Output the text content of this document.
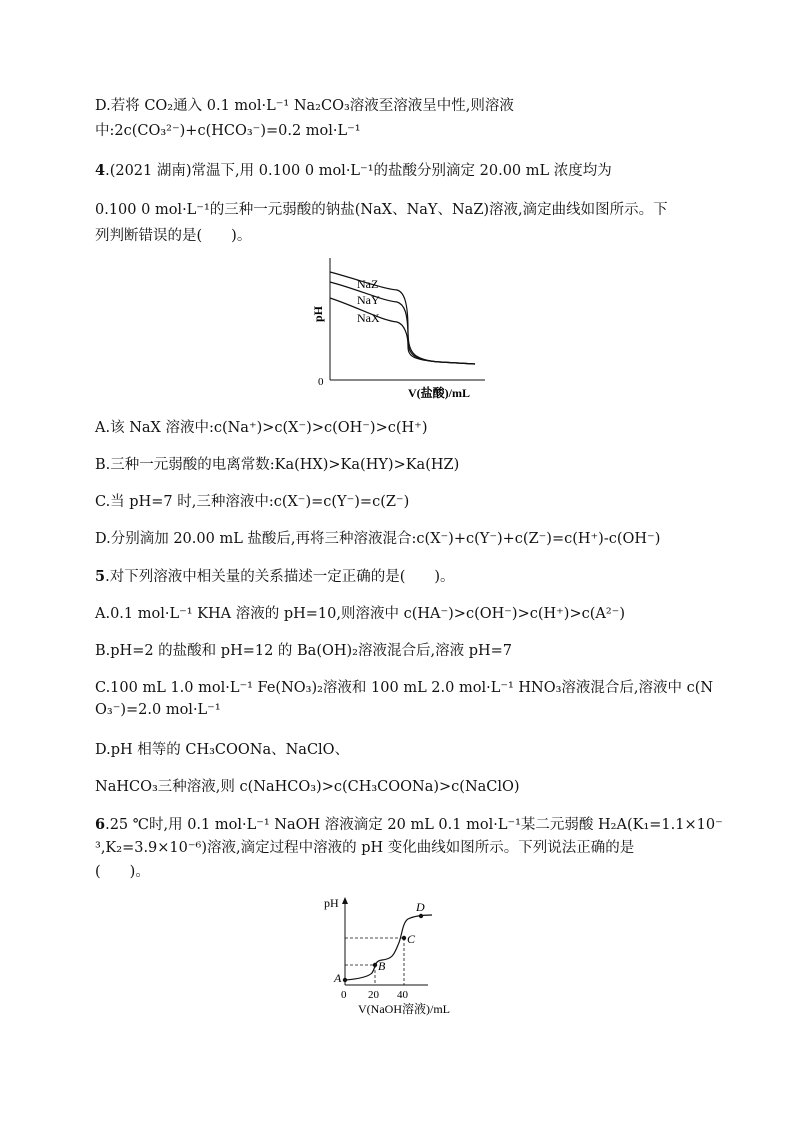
D.若将 CO₂通入 0.1 mol·L⁻¹ Na₂CO₃溶液至溶液呈中性,则溶液
中:2c(CO₃²⁻)+c(HCO₃⁻)=0.2 mol·L⁻¹
4.(2021 湖南)常温下,用 0.100 0 mol·L⁻¹的盐酸分别滴定 20.00 mL 浓度均为
0.100 0 mol·L⁻¹的三种一元弱酸的钠盐(NaX、NaY、NaZ)溶液,滴定曲线如图所示。下
列判断错误的是(　　)。
NaZ
NaY
NaX
pH
0
V(盐酸)/mL
A.该 NaX 溶液中:c(Na⁺)>c(X⁻)>c(OH⁻)>c(H⁺)
B.三种一元弱酸的电离常数:Ka(HX)>Ka(HY)>Ka(HZ)
C.当 pH=7 时,三种溶液中:c(X⁻)=c(Y⁻)=c(Z⁻)
D.分别滴加 20.00 mL 盐酸后,再将三种溶液混合:c(X⁻)+c(Y⁻)+c(Z⁻)=c(H⁺)-c(OH⁻)
5.对下列溶液中相关量的关系描述一定正确的是(　　)。
A.0.1 mol·L⁻¹ KHA 溶液的 pH=10,则溶液中 c(HA⁻)>c(OH⁻)>c(H⁺)>c(A²⁻)
B.pH=2 的盐酸和 pH=12 的 Ba(OH)₂溶液混合后,溶液 pH=7
C.100 mL 1.0 mol·L⁻¹ Fe(NO₃)₂溶液和 100 mL 2.0 mol·L⁻¹ HNO₃溶液混合后,溶液中 c(N
O₃⁻)=2.0 mol·L⁻¹
D.pH 相等的 CH₃COONa、NaClO、
NaHCO₃三种溶液,则 c(NaHCO₃)>c(CH₃COONa)>c(NaClO)
6.25 ℃时,用 0.1 mol·L⁻¹ NaOH 溶液滴定 20 mL 0.1 mol·L⁻¹某二元弱酸 H₂A(K₁=1.1×10⁻
³,K₂=3.9×10⁻⁶)溶液,滴定过程中溶液的 pH 变化曲线如图所示。下列说法正确的是
(　　)。
A
B
C
D
pH
0 20 40
V(NaOH溶液)/mL
